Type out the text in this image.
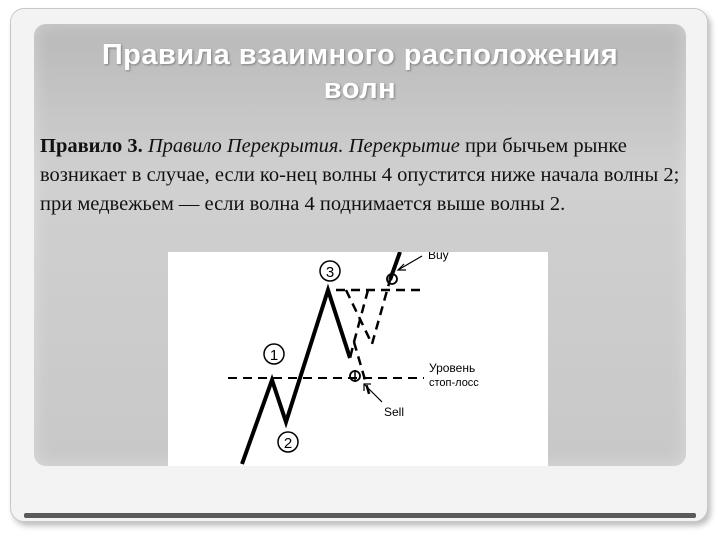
Правила взаимного расположения
волн
Правило 3. Правило Перекрытия. Перекрытие при бычьем рынке возникает в случае, если ко-нец волны 4 опустится ниже начала волны 2; при медвежьем — если волна 4 поднимается выше волны 2.
1
2
3
Buy
Уровень
стоп-лосс
Sell
